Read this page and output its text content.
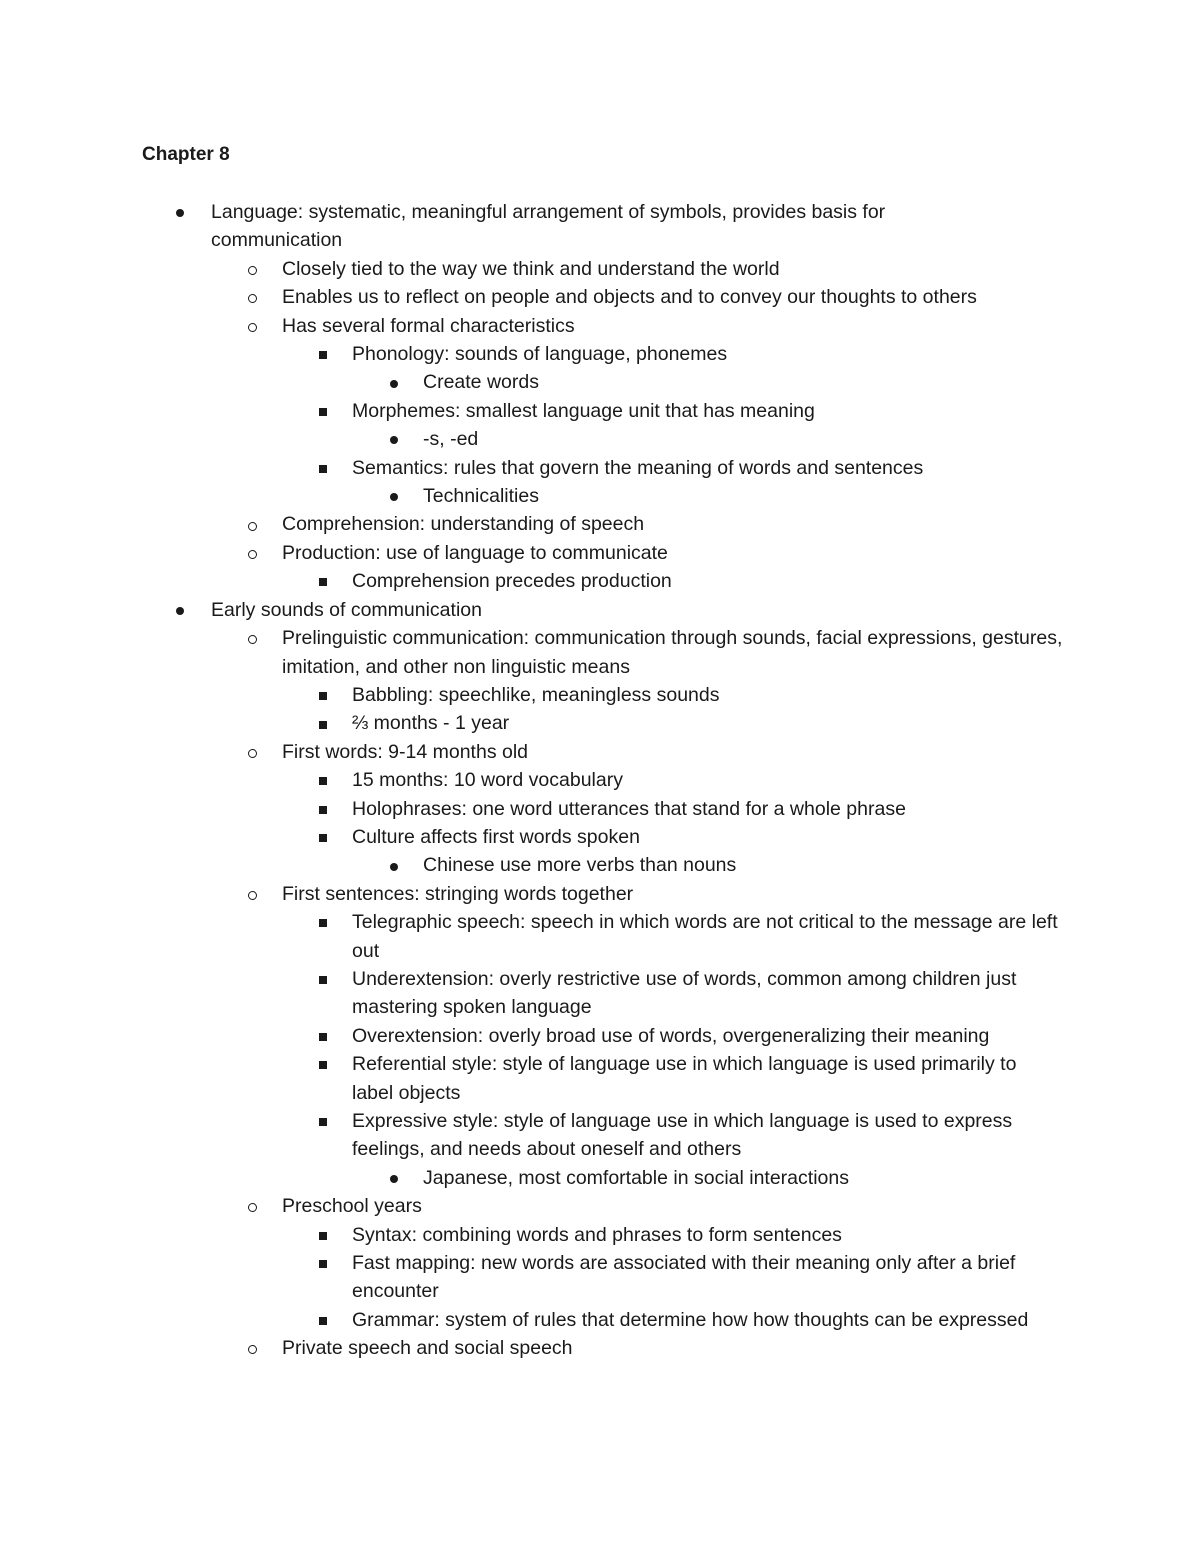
Chapter 8
Language: systematic, meaningful arrangement of symbols, provides basis for communication
Closely tied to the way we think and understand the world
Enables us to reflect on people and objects and to convey our thoughts to others
Has several formal characteristics
Phonology: sounds of language, phonemes
Create words
Morphemes: smallest language unit that has meaning
-s, -ed
Semantics: rules that govern the meaning of words and sentences
Technicalities
Comprehension: understanding of speech
Production: use of language to communicate
Comprehension precedes production
Early sounds of communication
Prelinguistic communication: communication through sounds, facial expressions, gestures, imitation, and other non linguistic means
Babbling: speechlike, meaningless sounds
⅔ months - 1 year
First words: 9-14 months old
15 months: 10 word vocabulary
Holophrases: one word utterances that stand for a whole phrase
Culture affects first words spoken
Chinese use more verbs than nouns
First sentences: stringing words together
Telegraphic speech: speech in which words are not critical to the message are left out
Underextension: overly restrictive use of words, common among children just mastering spoken language
Overextension: overly broad use of words, overgeneralizing their meaning
Referential style: style of language use in which language is used primarily to label objects
Expressive style: style of language use in which language is used to express feelings, and needs about oneself and others
Japanese, most comfortable in social interactions
Preschool years
Syntax: combining words and phrases to form sentences
Fast mapping: new words are associated with their meaning only after a brief encounter
Grammar: system of rules that determine how how thoughts can be expressed
Private speech and social speech
